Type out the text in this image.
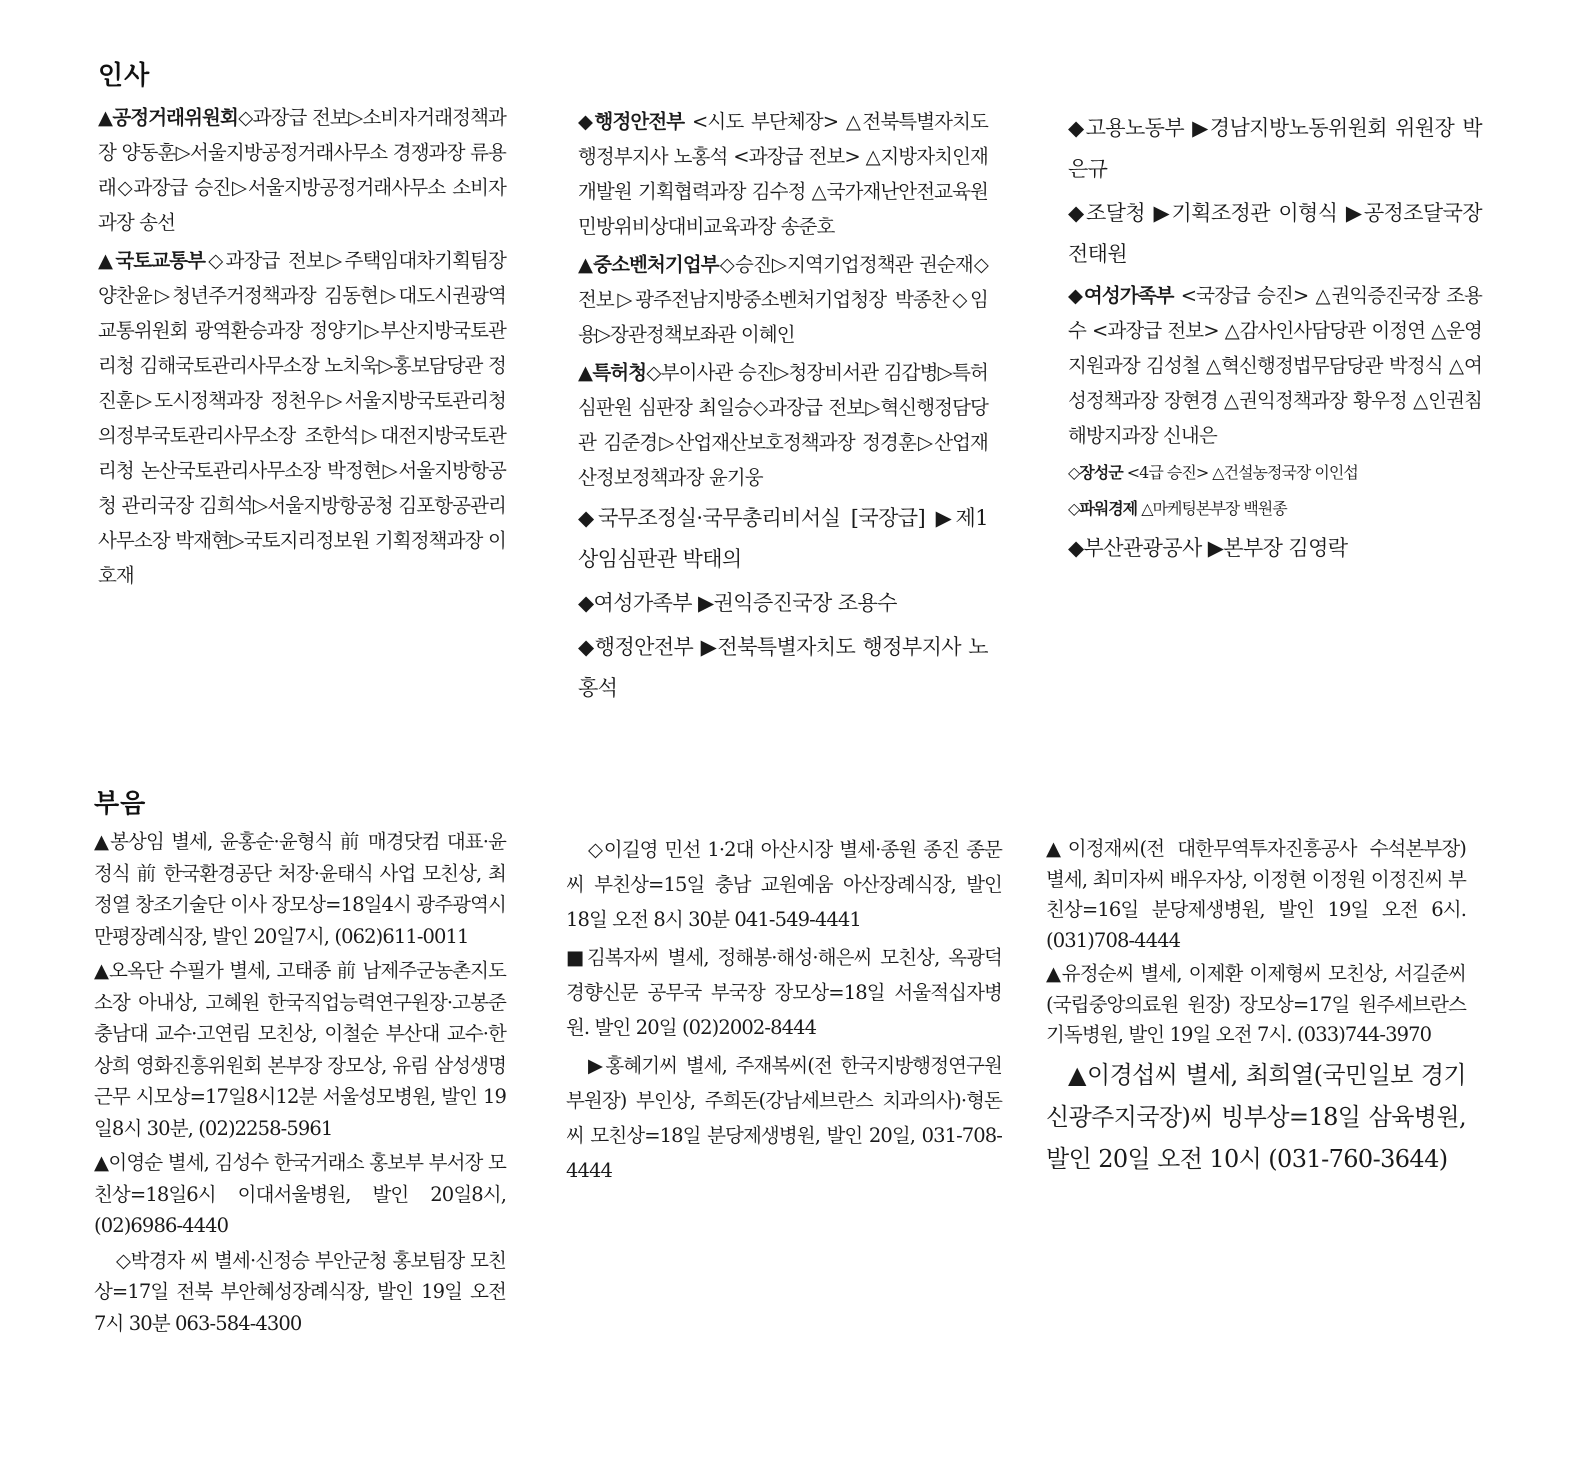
인사

▲공정거래위원회◇과장급 전보▷소비자거래정책과장 양동훈▷서울지방공정거래사무소 경쟁과장 류용래◇과장급 승진▷서울지방공정거래사무소 소비자과장 송선

▲국토교통부◇과장급 전보▷주택임대차기획팀장 양찬윤▷청년주거정책과장 김동현▷대도시권광역교통위원회 광역환승과장 정양기▷부산지방국토관리청 김해국토관리사무소장 노치욱▷홍보담당관 정진훈▷도시정책과장 정천우▷서울지방국토관리청 의정부국토관리사무소장 조한석▷대전지방국토관리청 논산국토관리사무소장 박정현▷서울지방항공청 관리국장 김희석▷서울지방항공청 김포항공관리사무소장 박재현▷국토지리정보원 기획정책과장 이호재

◆행정안전부 <시도 부단체장> △전북특별자치도 행정부지사 노홍석 <과장급 전보> △지방자치인재개발원 기획협력과장 김수정 △국가재난안전교육원 민방위비상대비교육과장 송준호

▲중소벤처기업부◇승진▷지역기업정책관 권순재◇전보▷광주전남지방중소벤처기업청장 박종찬◇임용▷장관정책보좌관 이혜인

▲특허청◇부이사관 승진▷청장비서관 김갑병▷특허심판원 심판장 최일승◇과장급 전보▷혁신행정담당관 김준경▷산업재산보호정책과장 정경훈▷산업재산정보정책과장 윤기웅

◆국무조정실·국무총리비서실 [국장급] ▶제1상임심판관 박태의

◆여성가족부 ▶권익증진국장 조용수

◆행정안전부 ▶전북특별자치도 행정부지사 노홍석

◆고용노동부 ▶경남지방노동위원회 위원장 박은규

◆조달청 ▶기획조정관 이형식 ▶공정조달국장 전태원

◆여성가족부 <국장급 승진> △권익증진국장 조용수 <과장급 전보> △감사인사담당관 이정연 △운영지원과장 김성철 △혁신행정법무담당관 박정식 △여성정책과장 장현경 △권익정책과장 황우정 △인권침해방지과장 신내은

◇장성군 <4급 승진> △건설농정국장 이인섭

◇파워경제 △마케팅본부장 백원종

◆부산관광공사 ▶본부장 김영락

부음

▲봉상임 별세, 윤홍순·윤형식 前 매경닷컴 대표·윤정식 前 한국환경공단 처장·윤태식 사업 모친상, 최정열 창조기술단 이사 장모상=18일4시 광주광역시 만평장례식장, 발인 20일7시, (062)611-0011

▲오옥단 수필가 별세, 고태종 前 남제주군농촌지도소장 아내상, 고혜원 한국직업능력연구원장·고봉준 충남대 교수·고연림 모친상, 이철순 부산대 교수·한상희 영화진흥위원회 본부장 장모상, 유림 삼성생명 근무 시모상=17일8시12분 서울성모병원, 발인 19일8시 30분, (02)2258-5961

▲이영순 별세, 김성수 한국거래소 홍보부 부서장 모친상=18일6시 이대서울병원, 발인 20일8시, (02)6986-4440

◇박경자 씨 별세·신정승 부안군청 홍보팀장 모친상=17일 전북 부안혜성장례식장, 발인 19일 오전 7시 30분 063-584-4300

◇이길영 민선 1·2대 아산시장 별세·종원 종진 종문 씨 부친상=15일 충남 교원예움 아산장례식장, 발인 18일 오전 8시 30분 041-549-4441

■김복자씨 별세, 정해봉·해성·해은씨 모친상, 옥광덕 경향신문 공무국 부국장 장모상=18일 서울적십자병원. 발인 20일 (02)2002-8444

▶홍혜기씨 별세, 주재복씨(전 한국지방행정연구원 부원장) 부인상, 주희돈(강남세브란스 치과의사)·형돈씨 모친상=18일 분당제생병원, 발인 20일, 031-708-4444

▲이정재씨(전 대한무역투자진흥공사 수석본부장) 별세, 최미자씨 배우자상, 이정현 이정원 이정진씨 부친상=16일 분당제생병원, 발인 19일 오전 6시. (031)708-4444

▲유정순씨 별세, 이제환 이제형씨 모친상, 서길준씨(국립중앙의료원 원장) 장모상=17일 원주세브란스기독병원, 발인 19일 오전 7시. (033)744-3970

▲이경섭씨 별세, 최희열(국민일보 경기신광주지국장)씨 빙부상=18일 삼육병원, 발인 20일 오전 10시 (031-760-3644)
